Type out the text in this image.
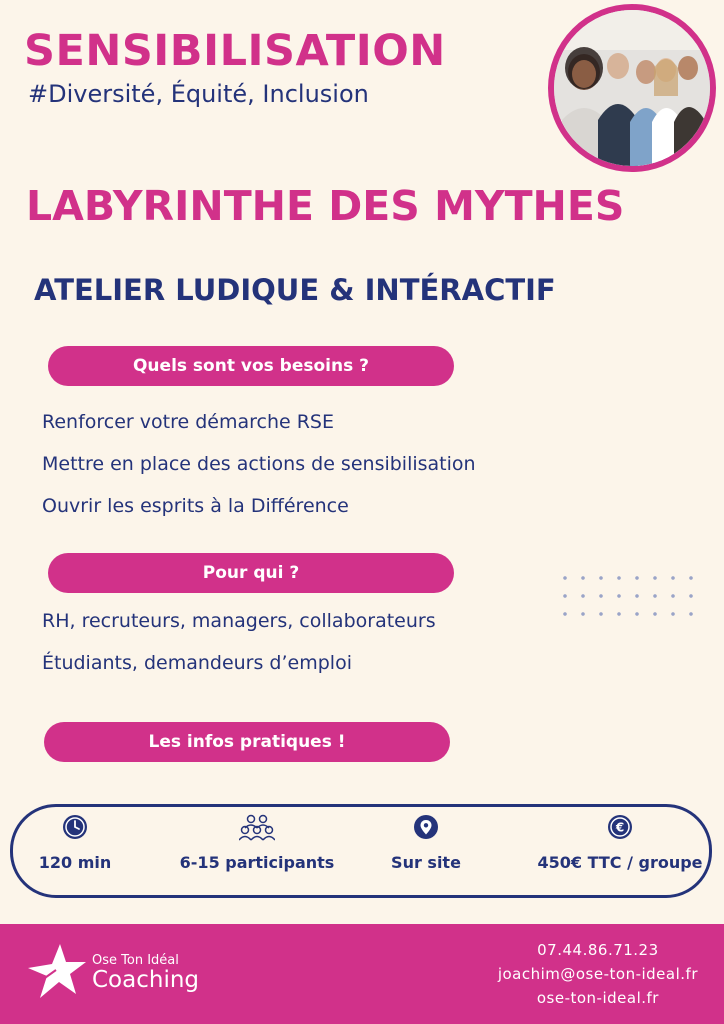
SENSIBILISATION
#Diversité, Équité, Inclusion
LABYRINTHE DES MYTHES
ATELIER LUDIQUE & INTÉRACTIF
Quels sont vos besoins ?
Renforcer votre démarche RSE
Mettre en place des actions de sensibilisation
Ouvrir les esprits à la Différence
Pour qui ?
RH, recruteurs, managers, collaborateurs
Étudiants, demandeurs d’emploi
Les infos pratiques !
120 min	6-15 participants	Sur site
€
450€ TTC / groupe
Ose Ton Idéal
Coaching
07.44.86.71.23
joachim@ose-ton-ideal.fr
ose-ton-ideal.fr
